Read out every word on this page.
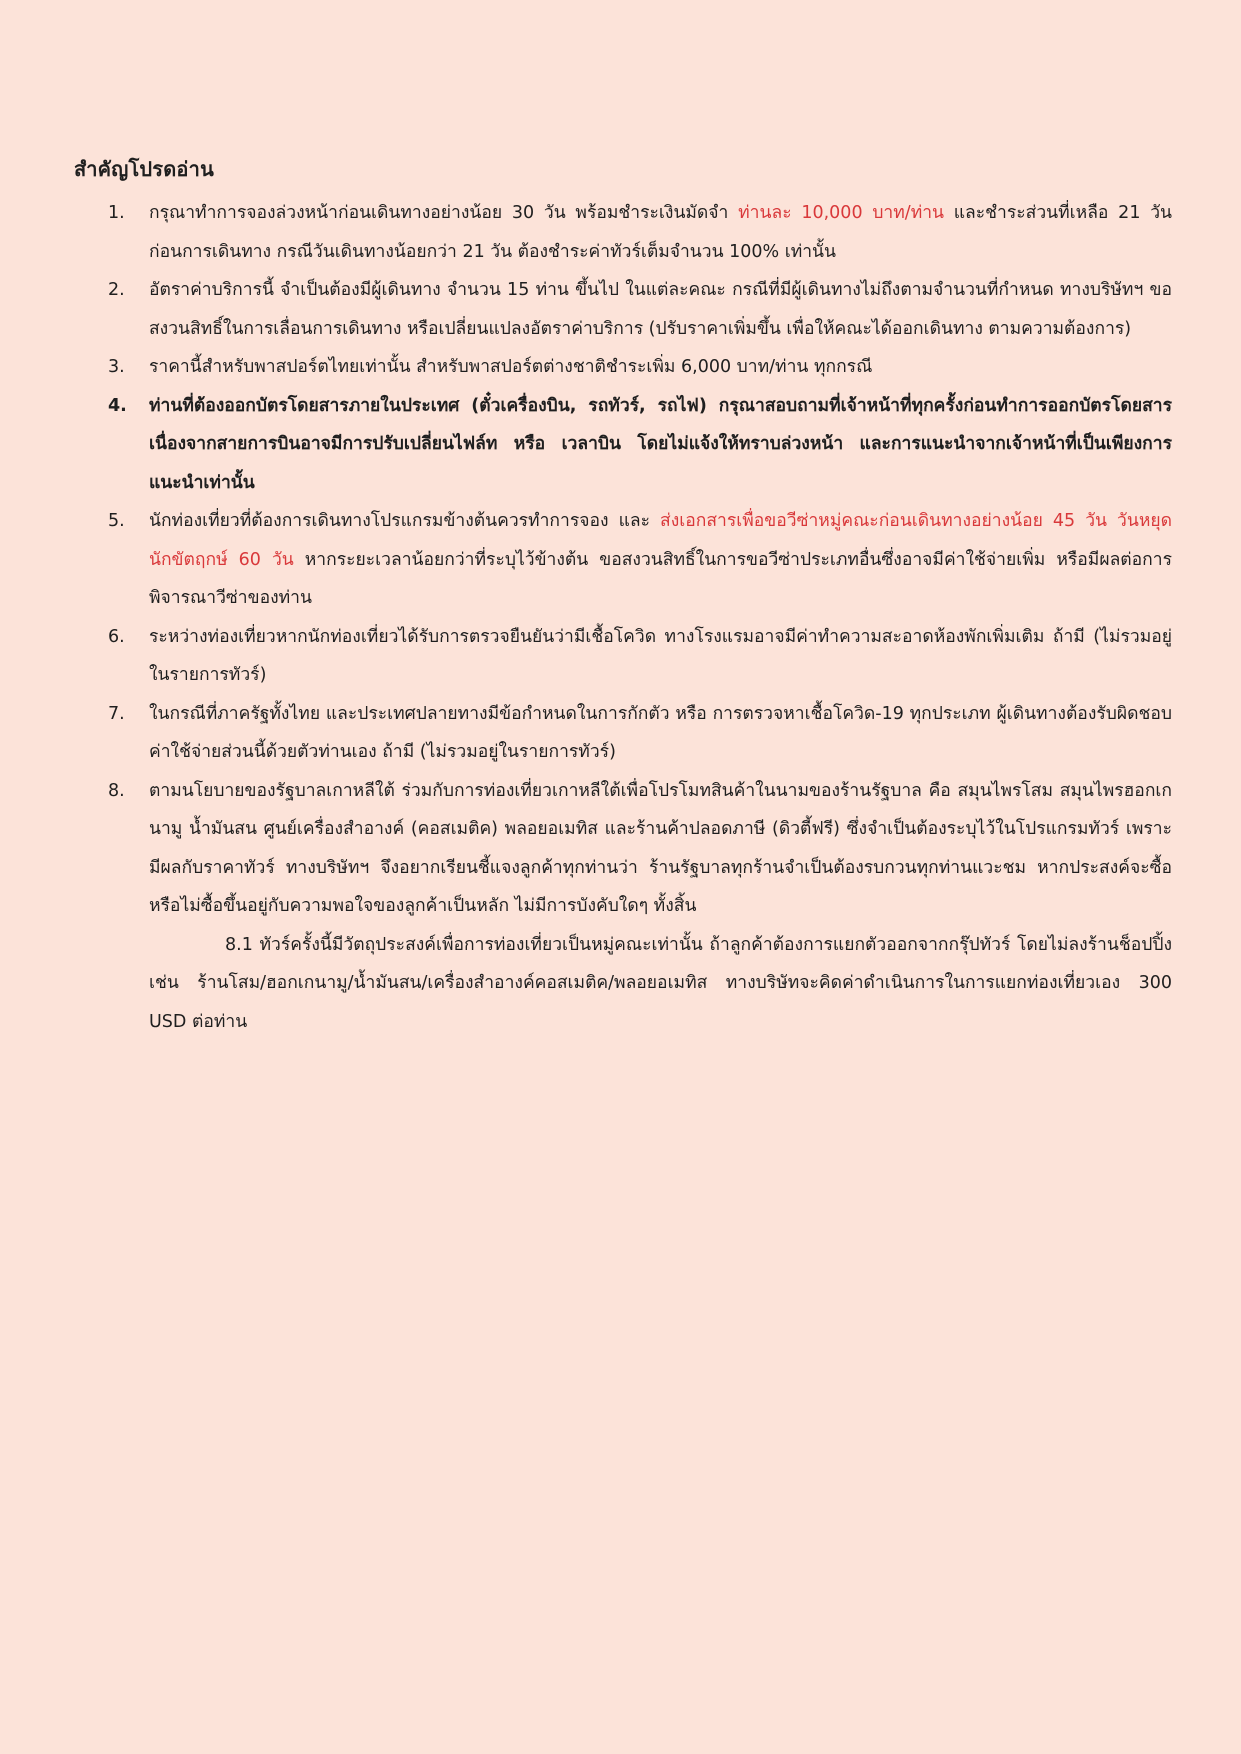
สำคัญโปรดอ่าน
1. กรุณาทำการจองล่วงหน้าก่อนเดินทางอย่างน้อย 30 วัน พร้อมชำระเงินมัดจำ ท่านละ 10,000 บาท/ท่าน และชำระส่วนที่เหลือ 21 วัน ก่อนการเดินทาง กรณีวันเดินทางน้อยกว่า 21 วัน ต้องชำระค่าทัวร์เต็มจำนวน 100% เท่านั้น
2. อัตราค่าบริการนี้ จำเป็นต้องมีผู้เดินทาง จำนวน 15 ท่าน ขึ้นไป ในแต่ละคณะ กรณีที่มีผู้เดินทางไม่ถึงตามจำนวนที่กำหนด ทางบริษัทฯ ขอสงวนสิทธิ์ในการเลื่อนการเดินทาง หรือเปลี่ยนแปลงอัตราค่าบริการ (ปรับราคาเพิ่มขึ้น เพื่อให้คณะได้ออกเดินทาง ตามความต้องการ)
3. ราคานี้สำหรับพาสปอร์ตไทยเท่านั้น สำหรับพาสปอร์ตต่างชาติชำระเพิ่ม 6,000 บาท/ท่าน ทุกกรณี
4. ท่านที่ต้องออกบัตรโดยสารภายในประเทศ (ตั๋วเครื่องบิน, รถทัวร์, รถไฟ) กรุณาสอบถามที่เจ้าหน้าที่ทุกครั้งก่อนทำการออกบัตรโดยสาร เนื่องจากสายการบินอาจมีการปรับเปลี่ยนไฟล์ท หรือ เวลาบิน โดยไม่แจ้งให้ทราบล่วงหน้า และการแนะนำจากเจ้าหน้าที่เป็นเพียงการแนะนำเท่านั้น
5. นักท่องเที่ยวที่ต้องการเดินทางโปรแกรมข้างต้นควรทำการจอง และ ส่งเอกสารเพื่อขอวีซ่าหมู่คณะก่อนเดินทางอย่างน้อย 45 วัน วันหยุดนักขัตฤกษ์ 60 วัน หากระยะเวลาน้อยกว่าที่ระบุไว้ข้างต้น ขอสงวนสิทธิ์ในการขอวีซ่าประเภทอื่นซึ่งอาจมีค่าใช้จ่ายเพิ่ม หรือมีผลต่อการพิจารณาวีซ่าของท่าน
6. ระหว่างท่องเที่ยวหากนักท่องเที่ยวได้รับการตรวจยืนยันว่ามีเชื้อโควิด ทางโรงแรมอาจมีค่าทำความสะอาดห้องพักเพิ่มเติม ถ้ามี (ไม่รวมอยู่ในรายการทัวร์)
7. ในกรณีที่ภาครัฐทั้งไทย และประเทศปลายทางมีข้อกำหนดในการกักตัว หรือ การตรวจหาเชื้อโควิด-19 ทุกประเภท ผู้เดินทางต้องรับผิดชอบค่าใช้จ่ายส่วนนี้ด้วยตัวท่านเอง ถ้ามี (ไม่รวมอยู่ในรายการทัวร์)
8. ตามนโยบายของรัฐบาลเกาหลีใต้ ร่วมกับการท่องเที่ยวเกาหลีใต้เพื่อโปรโมทสินค้าในนามของร้านรัฐบาล คือ สมุนไพรโสม สมุนไพรฮอกเกนามู น้ำมันสน ศูนย์เครื่องสำอางค์ (คอสเมติค) พลอยอเมทิส และร้านค้าปลอดภาษี (ดิวตี้ฟรี) ซึ่งจำเป็นต้องระบุไว้ในโปรแกรมทัวร์ เพราะมีผลกับราคาทัวร์ ทางบริษัทฯ จึงอยากเรียนชี้แจงลูกค้าทุกท่านว่า ร้านรัฐบาลทุกร้านจำเป็นต้องรบกวนทุกท่านแวะชม หากประสงค์จะซื้อหรือไม่ซื้อขึ้นอยู่กับความพอใจของลูกค้าเป็นหลัก ไม่มีการบังคับใดๆ ทั้งสิ้น
8.1 ทัวร์ครั้งนี้มีวัตถุประสงค์เพื่อการท่องเที่ยวเป็นหมู่คณะเท่านั้น ถ้าลูกค้าต้องการแยกตัวออกจากกรุ๊ปทัวร์ โดยไม่ลงร้านช็อปปิ้ง เช่น ร้านโสม/ฮอกเกนามู/น้ำมันสน/เครื่องสำอางค์คอสเมติค/พลอยอเมทิส ทางบริษัทจะคิดค่าดำเนินการในการแยกท่องเที่ยวเอง 300 USD ต่อท่าน
